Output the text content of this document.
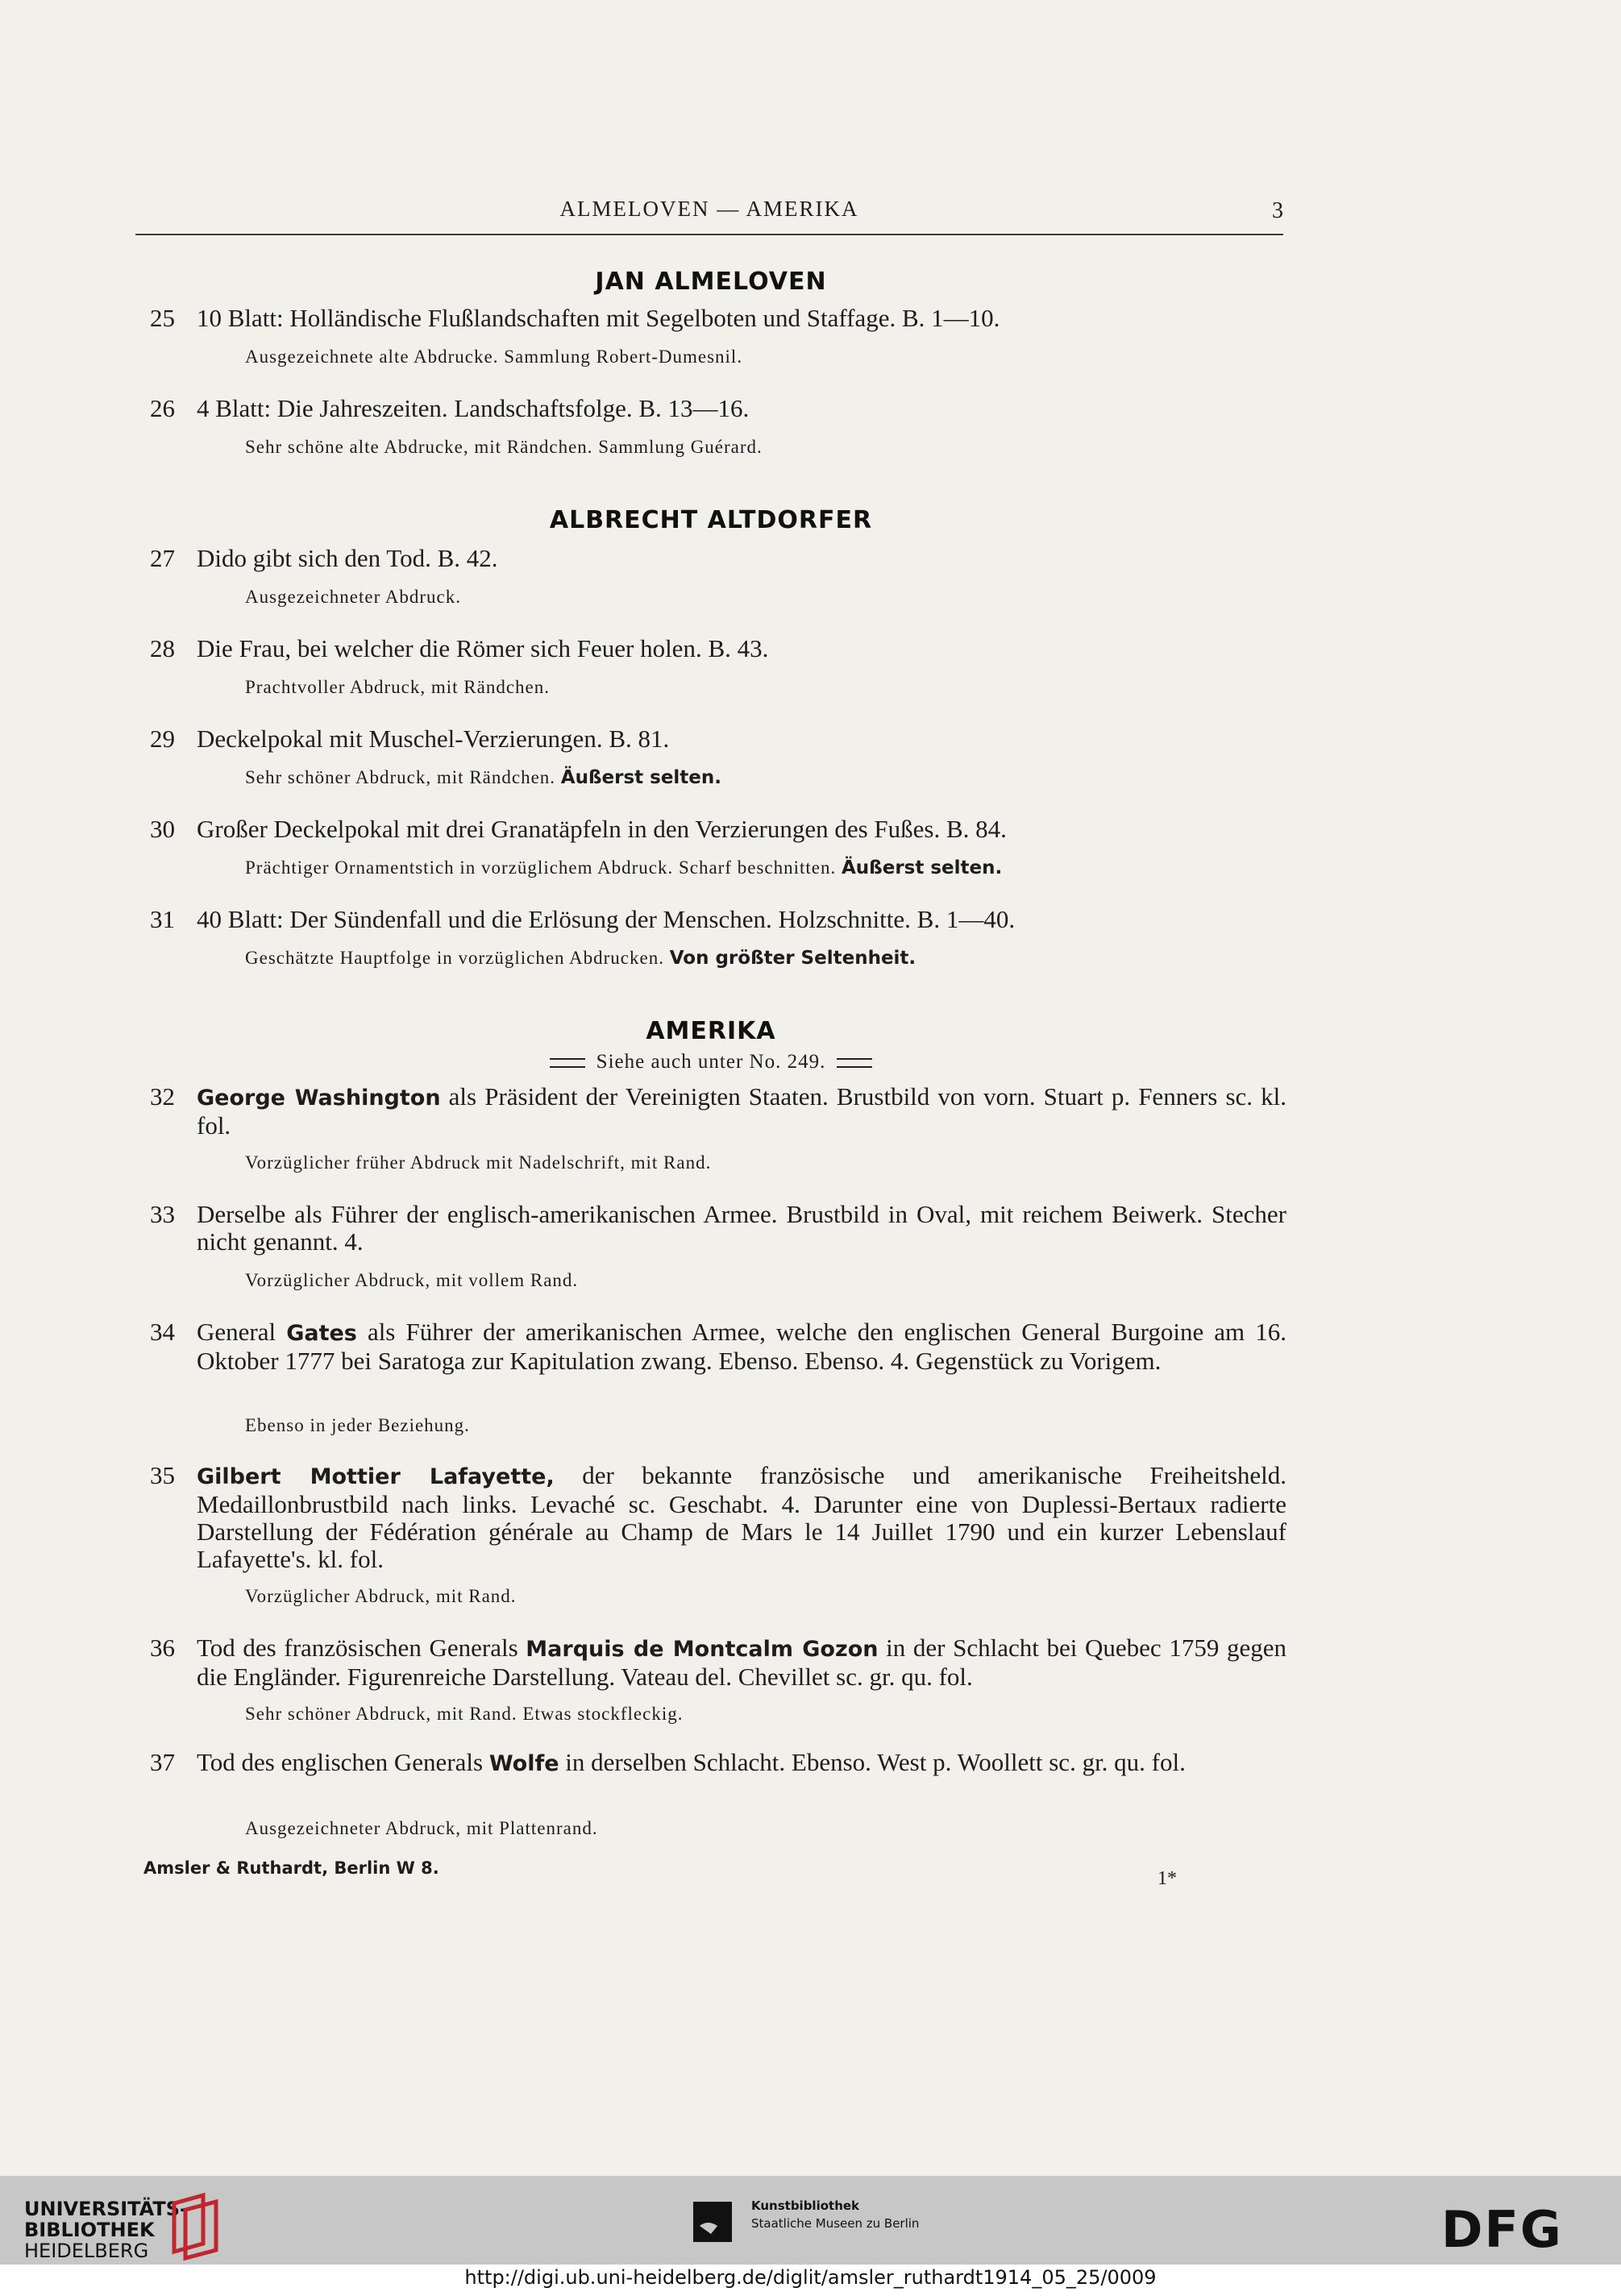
ALMELOVEN — AMERIKA	3
JAN ALMELOVEN
25 10 Blatt: Holländische Flußlandschaften mit Segelboten und Staffage. B. 1—10.
Ausgezeichnete alte Abdrucke. Sammlung Robert-Dumesnil.
26 4 Blatt: Die Jahreszeiten. Landschaftsfolge. B. 13—16.
Sehr schöne alte Abdrucke, mit Rändchen. Sammlung Guérard.
ALBRECHT ALTDORFER
27 Dido gibt sich den Tod. B. 42.
Ausgezeichneter Abdruck.
28 Die Frau, bei welcher die Römer sich Feuer holen. B. 43.
Prachtvoller Abdruck, mit Rändchen.
29 Deckelpokal mit Muschel-Verzierungen. B. 81.
Sehr schöner Abdruck, mit Rändchen. Äußerst selten.
30 Großer Deckelpokal mit drei Granatäpfeln in den Verzierungen des Fußes. B. 84.
Prächtiger Ornamentstich in vorzüglichem Abdruck. Scharf beschnitten. Äußerst selten.
31 40 Blatt: Der Sündenfall und die Erlösung der Menschen. Holzschnitte. B. 1—40.
Geschätzte Hauptfolge in vorzüglichen Abdrucken. Von größter Seltenheit.
AMERIKA
Siehe auch unter No. 249.
32 George Washington als Präsident der Vereinigten Staaten. Brustbild von vorn. Stuart p. Fenners sc. kl. fol.
Vorzüglicher früher Abdruck mit Nadelschrift, mit Rand.
33 Derselbe als Führer der englisch-amerikanischen Armee. Brustbild in Oval, mit reichem Beiwerk. Stecher nicht genannt. 4.
Vorzüglicher Abdruck, mit vollem Rand.
34 General Gates als Führer der amerikanischen Armee, welche den englischen General Burgoine am 16. Oktober 1777 bei Saratoga zur Kapitulation zwang. Ebenso. Ebenso. 4. Gegenstück zu Vorigem.
Ebenso in jeder Beziehung.
35 Gilbert Mottier Lafayette, der bekannte französische und amerikanische Freiheitsheld. Medaillonbrustbild nach links. Levaché sc. Geschabt. 4. Darunter eine von Duplessi-Bertaux radierte Darstellung der Fédération générale au Champ de Mars le 14 Juillet 1790 und ein kurzer Lebenslauf Lafayette's. kl. fol.
Vorzüglicher Abdruck, mit Rand.
36 Tod des französischen Generals Marquis de Montcalm Gozon in der Schlacht bei Quebec 1759 gegen die Engländer. Figurenreiche Darstellung. Vateau del. Chevillet sc. gr. qu. fol.
Sehr schöner Abdruck, mit Rand. Etwas stockfleckig.
37 Tod des englischen Generals Wolfe in derselben Schlacht. Ebenso. West p. Woollett sc. gr. qu. fol.
Ausgezeichneter Abdruck, mit Plattenrand.
Amsler & Ruthardt, Berlin W 8.	1*
UNIVERSITÄTS-
BIBLIOTHEK
HEIDELBERG
Kunstbibliothek
Staatliche Museen zu Berlin	DFG
http://digi.ub.uni-heidelberg.de/diglit/amsler_ruthardt1914_05_25/0009
